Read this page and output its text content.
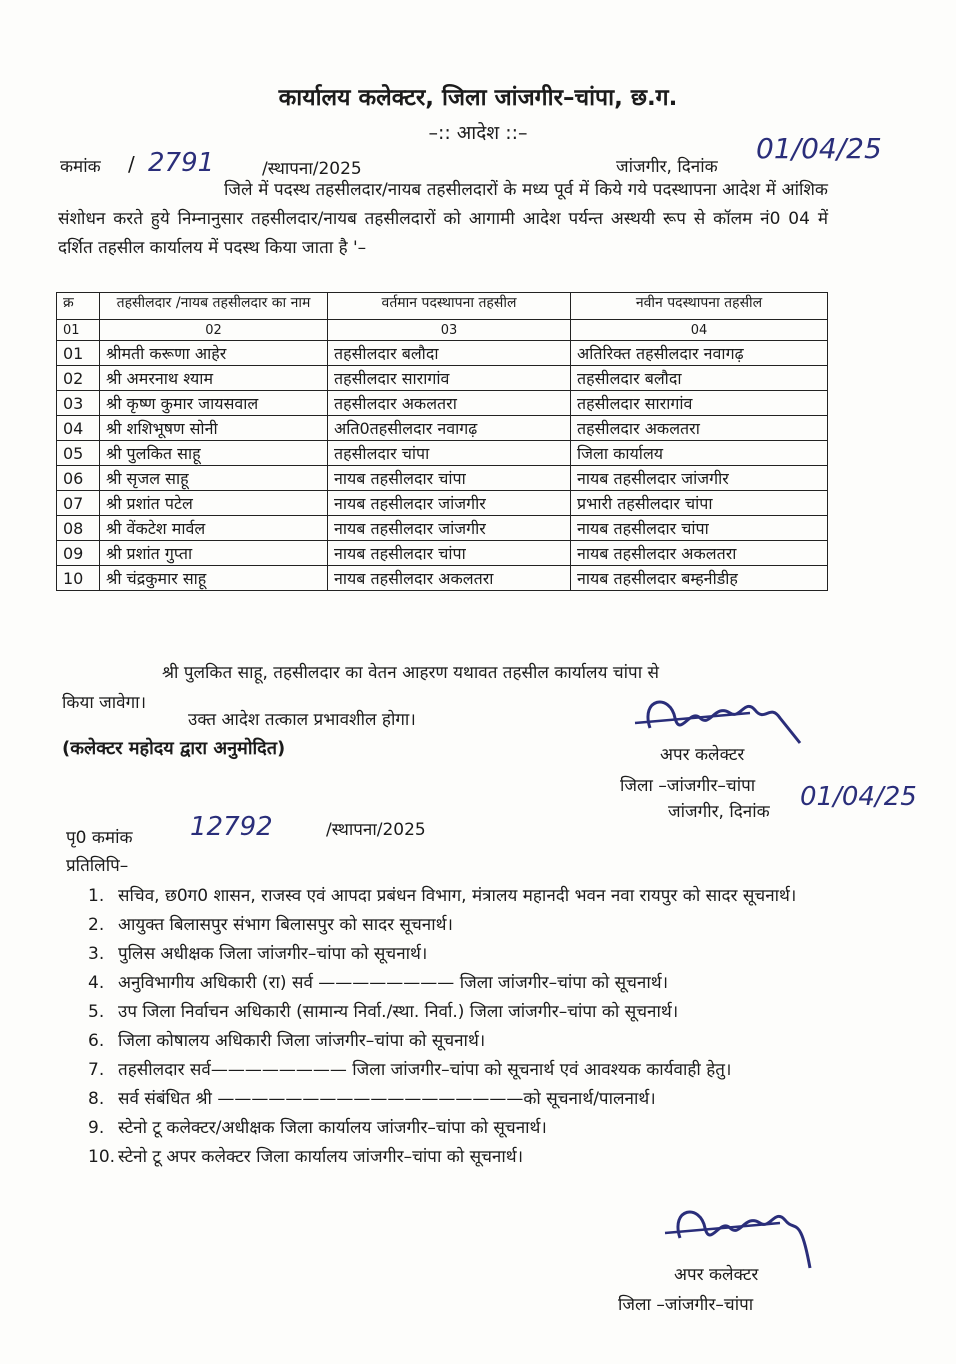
कार्यालय कलेक्टर, जिला जांजगीर–चांपा, छ.ग.
–:: आदेश ::–
कमांक / 2791	/स्थापना/2025	जांजगीर, दिनांक
01/04/25
जिले में पदस्थ तहसीलदार/नायब तहसीलदारों के मध्य पूर्व में किये गये पदस्थापना आदेश में आंशिक संशोधन करते हुये निम्नानुसार तहसीलदार/नायब तहसीलदारों को आगामी आदेश पर्यन्त अस्थयी रूप से कॉलम नं0 04 में दर्शित तहसील कार्यालय में पदस्थ किया जाता है '–
क्र	तहसीलदार /नायब तहसीलदार का नाम	वर्तमान पदस्थापना तहसील	नवीन पदस्थापना तहसील
01	02	03	04
01	श्रीमती करूणा आहेर	तहसीलदार बलौदा	अतिरिक्त तहसीलदार नवागढ़
02	श्री अमरनाथ श्याम	तहसीलदार सारागांव	तहसीलदार बलौदा
03	श्री कृष्ण कुमार जायसवाल	तहसीलदार अकलतरा	तहसीलदार सारागांव
04	श्री शशिभूषण सोनी	अति0तहसीलदार नवागढ़	तहसीलदार अकलतरा
05	श्री पुलकित साहू	तहसीलदार चांपा	जिला कार्यालय
06	श्री सृजल साहू	नायब तहसीलदार चांपा	नायब तहसीलदार जांजगीर
07	श्री प्रशांत पटेल	नायब तहसीलदार जांजगीर	प्रभारी तहसीलदार चांपा
08	श्री वेंकटेश मार्वल	नायब तहसीलदार जांजगीर	नायब तहसीलदार चांपा
09	श्री प्रशांत गुप्ता	नायब तहसीलदार चांपा	नायब तहसीलदार अकलतरा
10	श्री चंद्रकुमार साहू	नायब तहसीलदार अकलतरा	नायब तहसीलदार बम्हनीडीह
श्री पुलकित साहू, तहसीलदार का वेतन आहरण यथावत तहसील कार्यालय चांपा से
किया जावेगा।
उक्त आदेश तत्काल प्रभावशील होगा।
(कलेक्टर महोदय द्वारा अनुमोदित)	अपर कलेक्टर
जिला –जांजगीर–चांपा
जांजगीर, दिनांक 01/04/25
पृ0 कमांक 12792	/स्थापना/2025
प्रतिलिपि–
1. सचिव, छ0ग0 शासन, राजस्व एवं आपदा प्रबंधन विभाग, मंत्रालय महानदी भवन नवा रायपुर को सादर सूचनार्थ।
2. आयुक्त बिलासपुर संभाग बिलासपुर को सादर सूचनार्थ।
3. पुलिस अधीक्षक जिला जांजगीर–चांपा को सूचनार्थ।
4. अनुविभागीय अधिकारी (रा) सर्व ———————— जिला जांजगीर–चांपा को सूचनार्थ।
5. उप जिला निर्वाचन अधिकारी (सामान्य निर्वा./स्था. निर्वा.) जिला जांजगीर–चांपा को सूचनार्थ।
6. जिला कोषालय अधिकारी जिला जांजगीर–चांपा को सूचनार्थ।
7. तहसीलदार सर्व———————— जिला जांजगीर–चांपा को सूचनार्थ एवं आवश्यक कार्यवाही हेतु।
8. सर्व संबंधित श्री ——————————————————को सूचनार्थ/पालनार्थ।
9. स्टेनो टू कलेक्टर/अधीक्षक जिला कार्यालय जांजगीर–चांपा को सूचनार्थ।
10. स्टेनो टू अपर कलेक्टर जिला कार्यालय जांजगीर–चांपा को सूचनार्थ।
अपर कलेक्टर
जिला –जांजगीर–चांपा
